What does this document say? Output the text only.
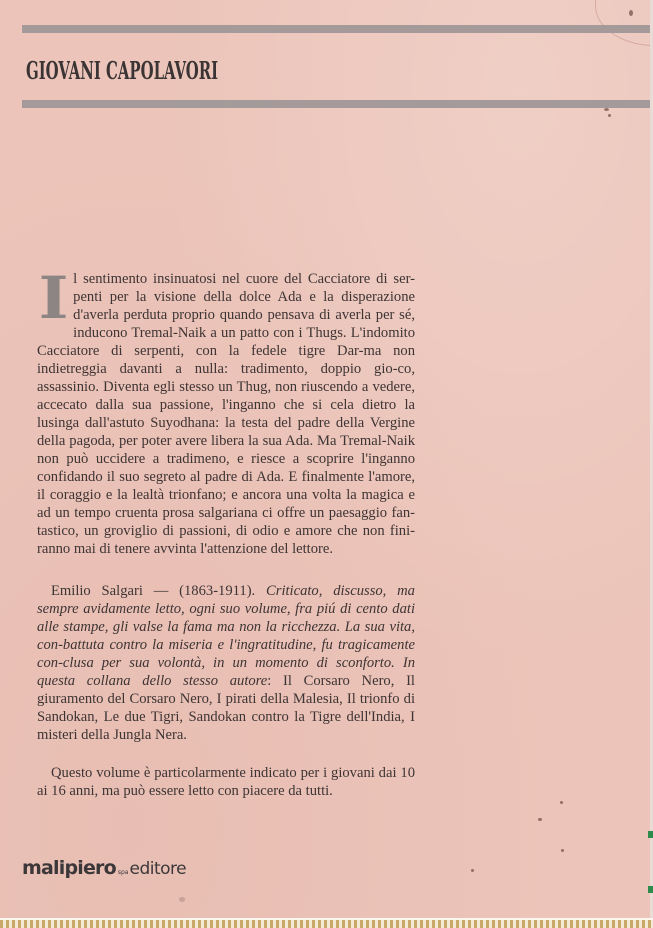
GIOVANI CAPOLAVORI
I l sentimento insinuatosi nel cuore del Cacciatore di ser-penti per la visione della dolce Ada e la disperazione d'averla perduta proprio quando pensava di averla per sé, inducono Tremal-Naik a un patto con i Thugs. L'indomito Cacciatore di serpenti, con la fedele tigre Dar-ma non indietreggia davanti a nulla: tradimento, doppio gio-co, assassinio. Diventa egli stesso un Thug, non riuscendo a vedere, accecato dalla sua passione, l'inganno che si cela dietro la lusinga dall'astuto Suyodhana: la testa del padre della Vergine della pagoda, per poter avere libera la sua Ada. Ma Tremal-Naik non può uccidere a tradimeno, e riesce a scoprire l'inganno confidando il suo segreto al padre di Ada. E finalmente l'amore, il coraggio e la lealtà trionfano; e ancora una volta la magica e ad un tempo cruenta prosa salgariana ci offre un paesaggio fan-tastico, un groviglio di passioni, di odio e amore che non fini-ranno mai di tenere avvinta l'attenzione del lettore.
Emilio Salgari — (1863-1911). Criticato, discusso, ma sempre avidamente letto, ogni suo volume, fra piú di cento dati alle stampe, gli valse la fama ma non la ricchezza. La sua vita, con-battuta contro la miseria e l'ingratitudine, fu tragicamente con-clusa per sua volontà, in un momento di sconforto. In questa collana dello stesso autore: Il Corsaro Nero, Il giuramento del Corsaro Nero, I pirati della Malesia, Il trionfo di Sandokan, Le due Tigri, Sandokan contro la Tigre dell'India, I misteri della Jungla Nera.
Questo volume è particolarmente indicato per i giovani dai 10 ai 16 anni, ma può essere letto con piacere da tutti.
malipiero spaeditore
